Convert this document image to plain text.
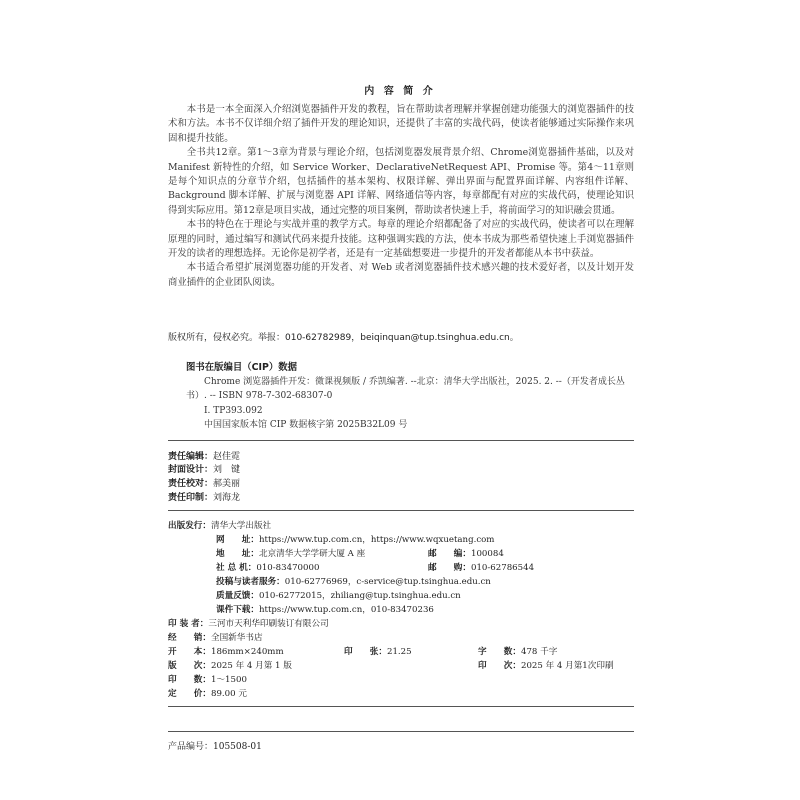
内 容 简 介

本书是一本全面深入介绍浏览器插件开发的教程，旨在帮助读者理解并掌握创建功能强大的浏览器插件的技术和方法。本书不仅详细介绍了插件开发的理论知识，还提供了丰富的实战代码，使读者能够通过实际操作来巩固和提升技能。

全书共12章。第1～3章为背景与理论介绍，包括浏览器发展背景介绍、Chrome浏览器插件基础，以及对 Manifest 新特性的介绍，如 Service Worker、DeclarativeNetRequest API、Promise 等。第4～11章则是每个知识点的分章节介绍，包括插件的基本架构、权限详解、弹出界面与配置界面详解、内容组件详解、Background 脚本详解、扩展与浏览器 API 详解、网络通信等内容，每章都配有对应的实战代码，使理论知识得到实际应用。第12章是项目实战，通过完整的项目案例，帮助读者快速上手，将前面学习的知识融会贯通。

本书的特色在于理论与实战并重的教学方式。每章的理论介绍都配备了对应的实战代码，使读者可以在理解原理的同时，通过编写和测试代码来提升技能。这种强调实践的方法，使本书成为那些希望快速上手浏览器插件开发的读者的理想选择。无论你是初学者，还是有一定基础想要进一步提升的开发者都能从本书中获益。

本书适合希望扩展浏览器功能的开发者、对 Web 或者浏览器插件技术感兴趣的技术爱好者，以及计划开发商业插件的企业团队阅读。

版权所有，侵权必究。举报：010-62782989，beiqinquan@tup.tsinghua.edu.cn。
图书在版编目（CIP）数据
Chrome 浏览器插件开发：微课视频版 / 乔凯编著. --北京：清华大学出版社，2025. 2. --（开发者成长丛书）. -- ISBN 978-7-302-68307-0
Ⅰ. TP393.092
中国国家版本馆 CIP 数据核字第 2025B32L09 号
责任编辑：赵佳霓
封面设计：刘　键
责任校对：郝美丽
责任印制：刘海龙
出版发行：清华大学出版社
网　　址：https://www.tup.com.cn，https://www.wqxuetang.com
地　　址：北京清华大学学研大厦 A 座	邮　　编：100084
社 总 机：010-83470000	邮　　购：010-62786544
投稿与读者服务：010-62776969，c-service@tup.tsinghua.edu.cn
质量反馈：010-62772015，zhiliang@tup.tsinghua.edu.cn
课件下载：https://www.tup.com.cn，010-83470236
印 装 者：三河市天利华印刷装订有限公司
经　　销：全国新华书店
开　　本：186mm×240mm	印　　张：21.25	字　　数：478 千字
版　　次：2025 年 4 月第 1 版	印　　次：2025 年 4 月第1次印刷
印　　数：1～1500
定　　价：89.00 元
产品编号：105508-01
